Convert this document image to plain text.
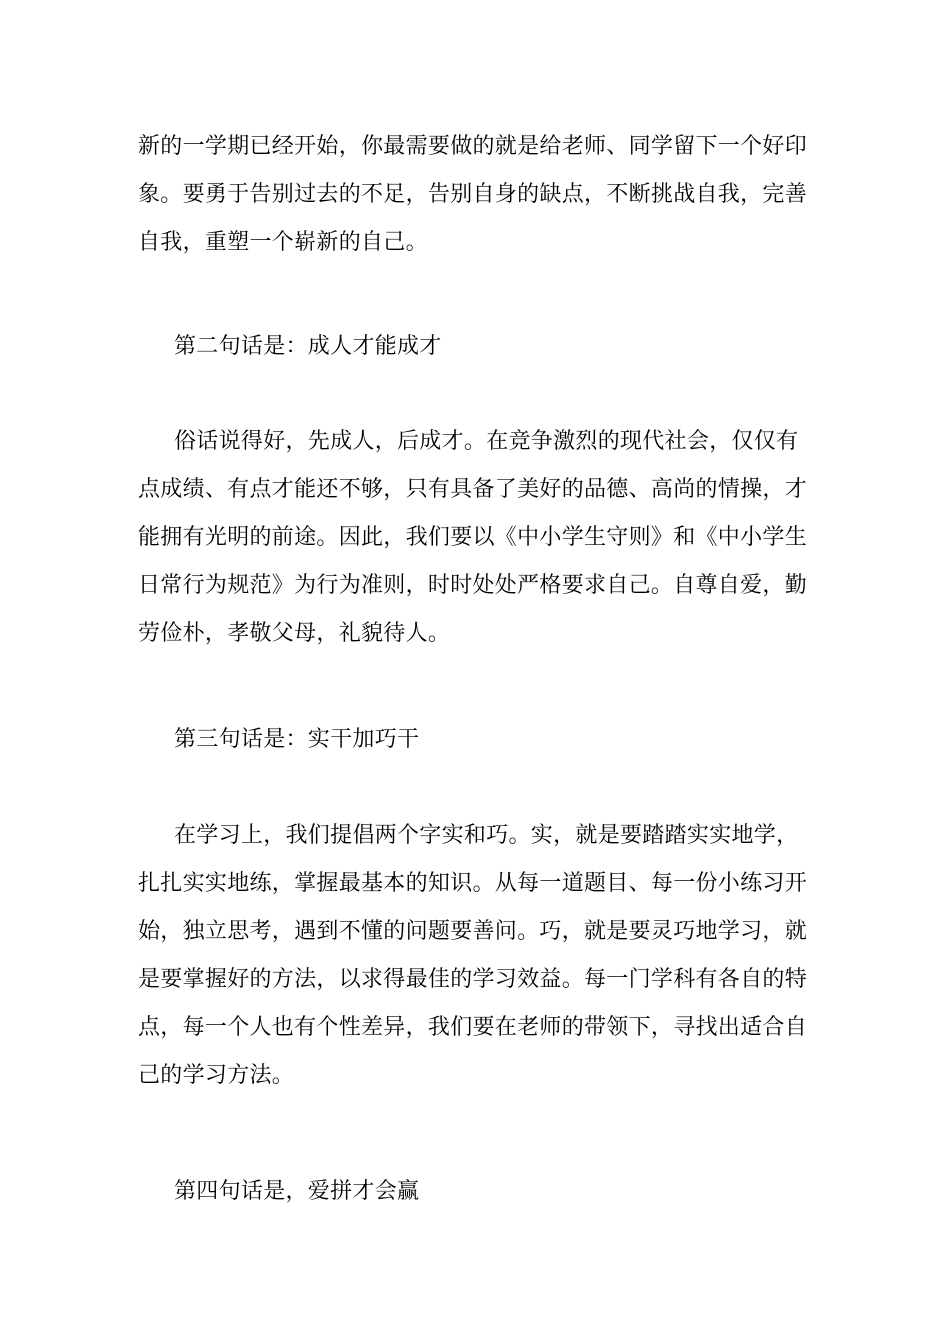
新的一学期已经开始，你最需要做的就是给老师、同学留下一个好印
象。要勇于告别过去的不足，告别自身的缺点，不断挑战自我，完善
自我，重塑一个崭新的自己。
第二句话是：成人才能成才
俗话说得好，先成人，后成才。在竞争激烈的现代社会，仅仅有
点成绩、有点才能还不够，只有具备了美好的品德、高尚的情操，才
能拥有光明的前途。因此，我们要以《中小学生守则》和《中小学生
日常行为规范》为行为准则，时时处处严格要求自己。自尊自爱，勤
劳俭朴，孝敬父母，礼貌待人。
第三句话是：实干加巧干
在学习上，我们提倡两个字实和巧。实，就是要踏踏实实地学，
扎扎实实地练，掌握最基本的知识。从每一道题目、每一份小练习开
始，独立思考，遇到不懂的问题要善问。巧，就是要灵巧地学习，就
是要掌握好的方法，以求得最佳的学习效益。每一门学科有各自的特
点，每一个人也有个性差异，我们要在老师的带领下，寻找出适合自
己的学习方法。
第四句话是，爱拼才会赢
